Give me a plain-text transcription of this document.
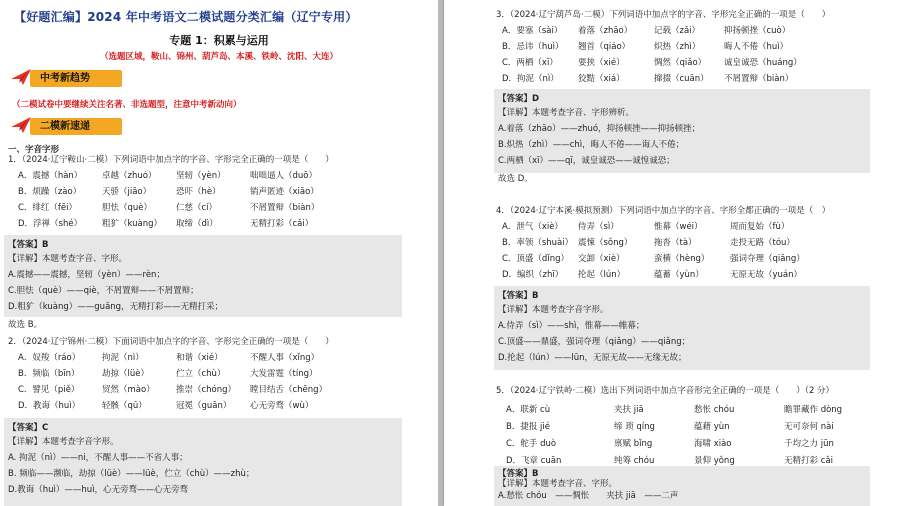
【好题汇编】2024 年中考语文二模试题分类汇编（辽宁专用）
专题 1：积累与运用
（选题区域，鞍山、锦州、葫芦岛、本溪、铁岭、沈阳、大连）
中考新趋势
（二模试卷中要继续关注名著、非选题型，注意中考新动向）
二模新速递
一、字音字形
1．（2024·辽宁鞍山·二模）下列词语中加点字的字音、字形完全正确的一项是（　　）
A．震撼（hàn） 卓越（zhuó） 坚轫（yèn）	咄咄逼人（duō）
B．烦躁（zào） 天骄（jiāo）	恐吓（hè）	销声匿迹（xiāo）
C．绯红（fēi）	胆怯（què）	仁慈（cí）	不屑置辩（biàn）
D．浮禅（shé） 粗犷（kuàng） 取缔（dì）	无精打彩（cǎi）
【答案】B
【详解】本题考查字音、字形。
A.震撼——震撼，坚轫（yèn）——rèn；
C.胆怯（què）——qiè，不屑置辩——不屑置辩；
D.粗犷（kuàng）——guǎng，无精打彩——无精打采；
故选 B。
2．（2024·辽宁锦州·二模）下面词语中加点字的字音、字形完全正确的一项是（　　）
A．奴羧（ráo）	拘泥（nì）	和谐（xié）	不醒人事（xǐng）
B．频临（bīn）	劫掠（lüè）	伫立（chù）	大发雷霆（tíng）
C．譬见（piě）	贸然（mào）	推崇（chóng） 瞠目结舌（chēng）
D．教诲（huì）	轻骸（qū）	冠冕（guān） 心无旁骛（wù）
【答案】C
【详解】本题考查字音字形。
A. 拘泥（nì）——ni，不醒人事——不省人事；
B. 频临——濒临，劫掠（lüè）——lüè，伫立（chù）——zhù；
D.教诲（huì）——huì，心无旁骛——心无旁骛
3．（2024·辽宁葫芦岛·二模）下列词语中加点字的字音、字形完全正确的一项是（　　）
A．要塞（sài） 着落（zhāo）	记载（zǎi）	抑扬顿挫（cuò）
B．忌讳（huì） 翘首（qiáo）	炽热（zhì）	晦人不倦（huì）
C．两栖（xī） 要挟（xié）	惆然（qiǎo） 诚皇诚恐（huáng）
D．拘泥（nì） 狡黠（xiá）	撺掇（cuān） 不屑置辩（biàn）
【答案】D
【详解】本题考查字音、字形辨析。
A.着落（zhāo）——zhuó，抑扬顿挫——抑扬顿挫；
B.炽热（zhì）——chì，晦人不倦——诲人不倦；
C.两栖（xī）——qī，诚皇诚恐——诚惶诚恐；
故选 D。
4．（2024·辽宁本溪·模拟预测）下列词语中加点字的字音、字形全都正确的一项是（　）
A．泄气（xiè） 侍弄（sì）	惟幕（wéi）	周而复始（fù）
B．率领（shuài） 震悚（sǒng）	拖沓（tà）	走投无路（tóu）
C．顶盛（dǐng） 交卸（xiè）	蛮横（hèng） 强词夺理（qiǎng）
D．编织（zhī） 抡起（lún）	蕴蓄（yùn）	无原无故（yuán）
【答案】B
【详解】本题考查字音字形。
A.侍弄（sì）——shì，惟幕——帷幕；
C.顶盛——鼎盛，强词夺理（qiǎng）——qiǎng；
D.抡起（lún）——lūn，无原无故——无缘无故；
5．（2024·辽宁铁岭·二模）选出下列词语中加点字音形完全正确的一项是（　　）（2 分）
A．联新 cù	夹扶 jiā	愁怅 chóu	瞻罪藏作 dòng
B．捷报 jié	缔 琐 qíng	蕴藉 yùn	无可奈何 nài
C．舵手 duò	禀赋 bǐng	海啸 xiào	千均之力 jūn
D．飞章 cuān	纯筹 chóu	景仰 yǒng	无精打彩 cǎi
【答案】B
【详解】本题考查字音、字形。
A.愁怅 chóu　——惆怅　　夹扶 jiā　——二声
